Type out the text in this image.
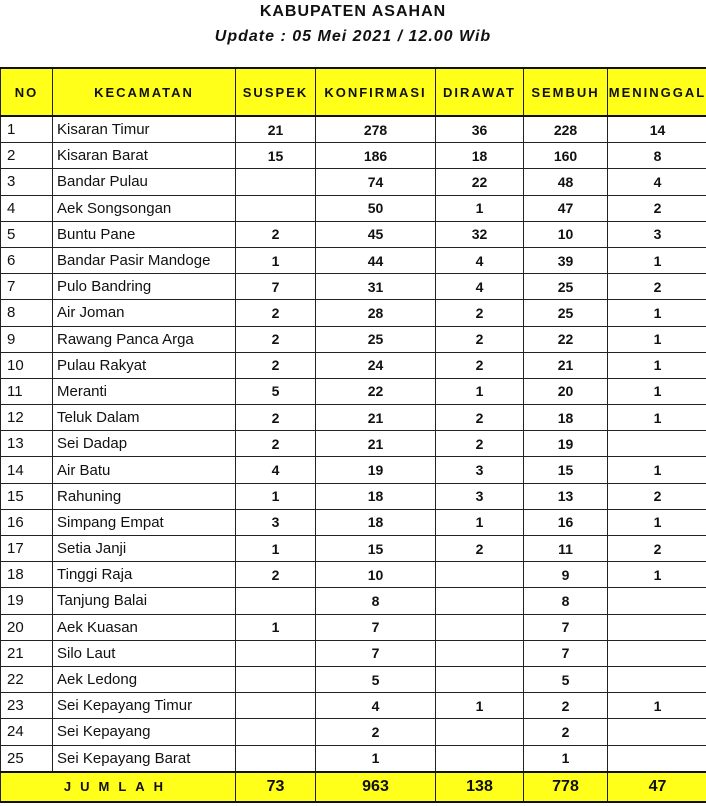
KABUPATEN ASAHAN
Update : 05 Mei 2021 / 12.00 Wib
NO	KECAMATAN	SUSPEK	KONFIRMASI	DIRAWAT	SEMBUH	MENINGGAL
1	Kisaran Timur	21	278	36	228	14
2	Kisaran Barat	15	186	18	160	8
3	Bandar Pulau		74	22	48	4
4	Aek Songsongan		50	1	47	2
5	Buntu Pane	2	45	32	10	3
6	Bandar Pasir Mandoge	1	44	4	39	1
7	Pulo Bandring	7	31	4	25	2
8	Air Joman	2	28	2	25	1
9	Rawang Panca Arga	2	25	2	22	1
10	Pulau Rakyat	2	24	2	21	1
11	Meranti	5	22	1	20	1
12	Teluk Dalam	2	21	2	18	1
13	Sei Dadap	2	21	2	19	
14	Air Batu	4	19	3	15	1
15	Rahuning	1	18	3	13	2
16	Simpang Empat	3	18	1	16	1
17	Setia Janji	1	15	2	11	2
18	Tinggi Raja	2	10		9	1
19	Tanjung Balai		8		8	
20	Aek Kuasan	1	7		7	
21	Silo Laut		7		7	
22	Aek Ledong		5		5	
23	Sei Kepayang Timur		4	1	2	1
24	Sei Kepayang		2		2	
25	Sei Kepayang Barat		1		1	
JUMLAH		73	963	138	778	47
